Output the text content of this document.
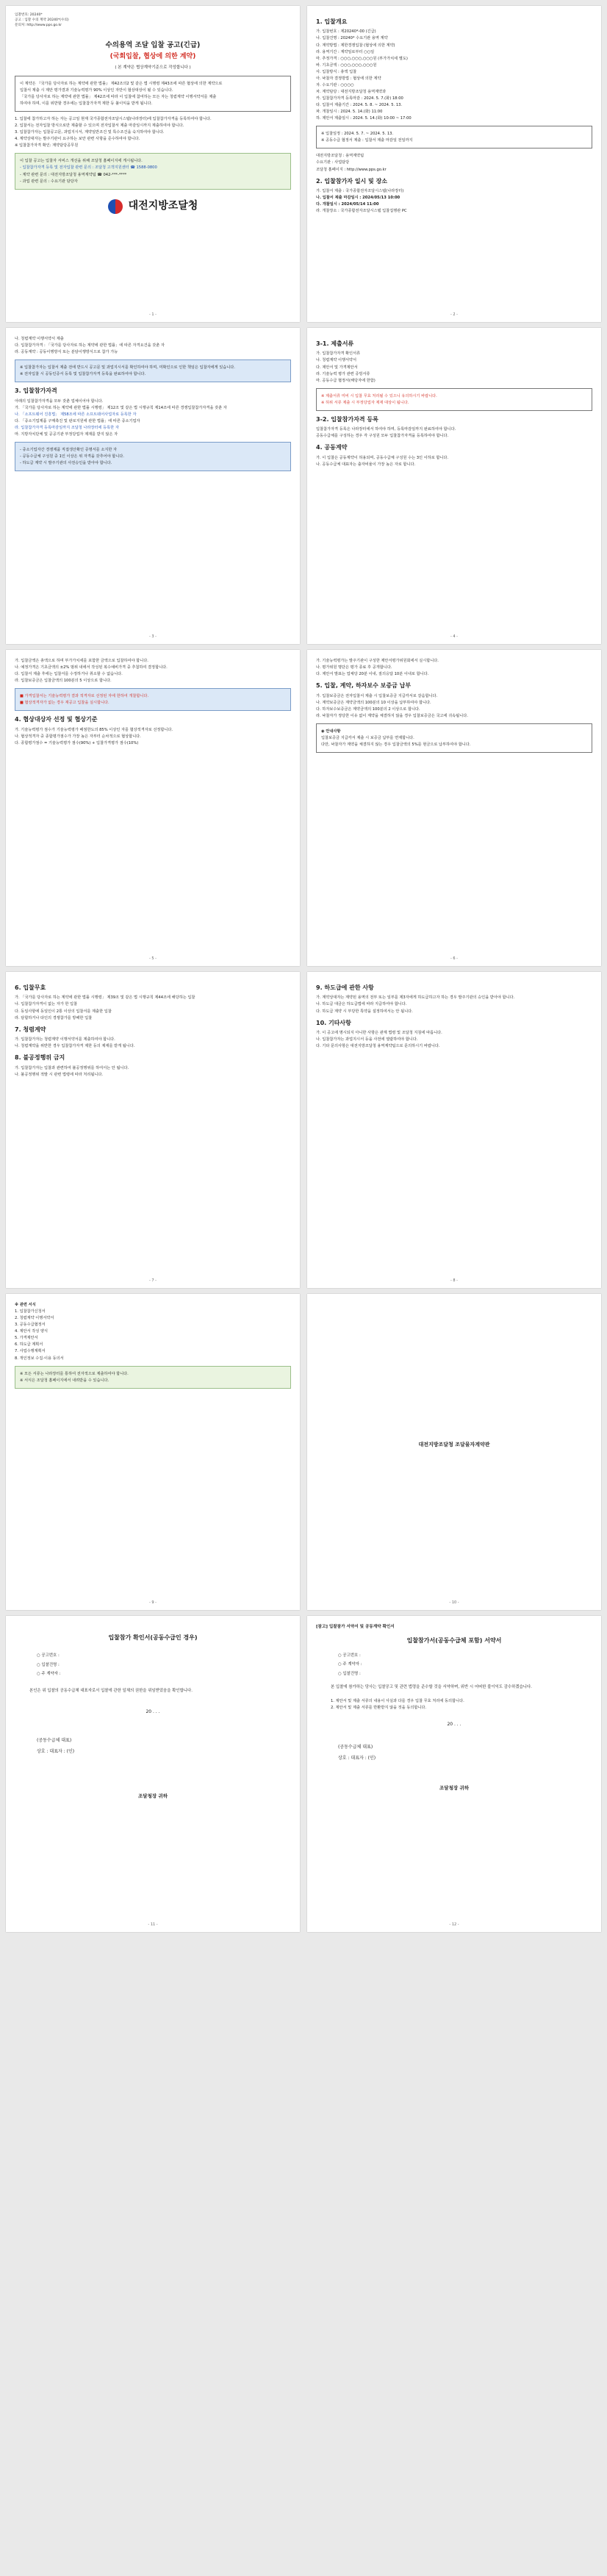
입찰번호: 20240*
공고 : 입찰 수의 계약 20240*(수의)
문의처: http://www.pps.go.kr
수의용역 조달 입찰 공고(긴급)
(국회입찰, 협상에 의한 계약)
( 본 계약은 협상계약기준으로 작성합니다 )
이 계약은 『국가를 당사자로 하는 계약에 관한 법률』 제42조의2 및 같은 법 시행령 제43조에 따른 협상에 의한 계약으로
입찰서 제출 시 제안 평가결과 기술능력평가 90% 이상인 자만이 협상대상이 될 수 있습니다.
「국가를 당사자로 하는 계약에 관한 법률」 제42조에 따라 이 입찰에 참여하는 모든 자는 청렴계약 이행서약서를 제출
하여야 하며, 이를 위반할 경우에는 입찰참가자격 제한 등 불이익을 받게 됩니다.
1. 입찰에 참가하고자 하는 자는 공고일 현재 국가종합전자조달시스템(나라장터)에 입찰참가자격을 등록하여야 합니다.
2. 입찰서는 전자입찰 방식으로만 제출할 수 있으며 전자입찰서 제출 마감일시까지 제출하여야 합니다.
3. 입찰참가자는 입찰공고문, 과업지시서, 계약일반조건 및 특수조건을 숙지하여야 합니다.
4. 계약상대자는 발주기관이 요구하는 보안 관련 사항을 준수하여야 합니다.
※ 입찰참가자격 확인: 계약담당공무원
이 입찰 공고는 입찰자 서비스 개선을 위해 조달청 홈페이지에 게시됩니다.
- 입찰참가자격 등록 및 전자입찰 관련 문의 : 조달청 고객지원센터 ☎ 1588-0800
- 계약 관련 문의 : 대전지방조달청 용역계약팀 ☎ 042-***-****
- 과업 관련 문의 : 수요기관 담당자
대전지방조달청
- 1 -
1. 입찰개요
가. 입찰번호 : 제20240*-00 (긴급)
나. 입찰건명 : 20240* 수요기관 용역 계약
다. 계약방법 : 제한경쟁입찰 (협상에 의한 계약)
라. 용역기간 : 계약일로부터 ○○일
마. 추정가격 : ○○○,○○○,○○○원 (부가가치세 별도)
바. 기초금액 : ○○○,○○○,○○○원
사. 입찰방식 : 총액 입찰
아. 낙찰자 결정방법 : 협상에 의한 계약
자. 수요기관 : ○○○○
차. 계약담당 : 대전지방조달청 용역계약과
카. 입찰참가자격 등록마감 : 2024. 5. 7.(화) 18:00
타. 입찰서 제출기간 : 2024. 5. 8. ~ 2024. 5. 13.
파. 개찰일시 : 2024. 5. 14.(화) 11:00
하. 제안서 제출일시 : 2024. 5. 14.(화) 10:00 ~ 17:00
※ 입찰일정 : 2024. 5. 7. ~ 2024. 5. 13.
※ 공동수급 협정서 제출 : 입찰서 제출 마감일 전일까지
대전지방조달청 : 용역계약팀
수요기관 : 사업담당
조달청 홈페이지 : http://www.pps.go.kr
2. 입찰참가자 일시 및 장소
가. 입찰서 제출 : 국가종합전자조달시스템(나라장터)
나. 입찰서 제출 마감일시 : 2024/05/13 10:00
다. 개찰일시 : 2024/05/14 11:00
라. 개찰장소 : 국가종합전자조달시스템 입찰집행관 PC
- 2 -
나. 청렴계약 이행서약서 제출
다. 입찰참가자격 : 「국가를 당사자로 하는 계약에 관한 법률」에 따른 자격요건을 갖춘 자
라. 공동계약 : 공동이행방식 또는 분담이행방식으로 참가 가능
※ 입찰참가자는 입찰서 제출 전에 반드시 공고문 및 과업지시서를 확인하여야 하며, 미확인으로 인한 책임은 입찰자에게 있습니다.
※ 전자입찰 시 공동인증서 등록 및 입찰참가자격 등록을 완료하여야 합니다.
3. 입찰참가자격
아래의 입찰참가자격을 모두 갖춘 업체이어야 합니다.
가. 「국가를 당사자로 하는 계약에 관한 법률 시행령」 제12조 및 같은 법 시행규칙 제14조에 따른 경쟁입찰참가자격을 갖춘 자
나. 「소프트웨어 진흥법」 제58조에 따른 소프트웨어사업자로 등록한 자
다. 「중소기업제품 구매촉진 및 판로지원에 관한 법률」에 따른 중소기업자
라. 입찰참가자격 등록마감일까지 조달청 나라장터에 등록한 자
마. 지방자치단체 및 공공기관 부정당업자 제재를 받지 않은 자
- 중소기업자간 경쟁제품 직접생산확인 증명서를 소지한 자
- 공동수급체 구성원 중 1인 이상은 위 자격을 갖추어야 합니다.
- 하도급 계약 시 발주기관의 사전승인을 받아야 합니다.
- 3 -
3-1. 제출서류
가. 입찰참가자격 확인서류
나. 청렴계약 이행서약서
다. 제안서 및 가격제안서
라. 기술능력 평가 관련 증빙서류
마. 공동수급 협정서(해당자에 한함)
※ 제출서류 미비 시 입찰 무효 처리될 수 있으니 유의하시기 바랍니다.
※ 허위 서류 제출 시 부정당업자 제재 대상이 됩니다.
3-2. 입찰참가자격 등록
입찰참가자격 등록은 나라장터에서 하여야 하며, 등록마감일까지 완료하여야 합니다.
공동수급체를 구성하는 경우 각 구성원 모두 입찰참가자격을 등록하여야 합니다.
4. 공동계약
가. 이 입찰은 공동계약이 허용되며, 공동수급체 구성원 수는 3인 이하로 합니다.
나. 공동수급체 대표자는 출자비율이 가장 높은 자로 합니다.
- 4 -
가. 입찰금액은 총액으로 하며 부가가치세를 포함한 금액으로 입찰하여야 합니다.
나. 예정가격은 기초금액의 ±2% 범위 내에서 작성된 복수예비가격 중 추첨하여 결정합니다.
다. 입찰서 제출 후에는 입찰서를 수정하거나 취소할 수 없습니다.
라. 입찰보증금은 입찰금액의 100분의 5 이상으로 합니다.
■ 가격입찰서는 기술능력평가 결과 적격자로 선정된 자에 한하여 개찰합니다.
■ 협상적격자가 없는 경우 재공고 입찰을 실시합니다.
4. 협상대상자 선정 및 협상기준
가. 기술능력평가 점수가 기술능력평가 배점한도의 85% 이상인 자를 협상적격자로 선정합니다.
나. 협상적격자 중 종합평가점수가 가장 높은 자부터 순차적으로 협상합니다.
다. 종합평가점수 = 기술능력평가 점수(90%) + 입찰가격평가 점수(10%)
- 5 -
가. 기술능력평가는 발주기관이 구성한 제안서평가위원회에서 실시합니다.
나. 평가위원 명단은 평가 종료 후 공개합니다.
다. 제안서 발표는 업체당 20분 이내, 질의응답 10분 이내로 합니다.
5. 입찰, 계약, 하자보수 보증금 납부
가. 입찰보증금은 전자입찰서 제출 시 입찰보증금 지급각서로 갈음합니다.
나. 계약보증금은 계약금액의 100분의 10 이상을 납부하여야 합니다.
다. 하자보수보증금은 계약금액의 100분의 2 이상으로 합니다.
라. 낙찰자가 정당한 이유 없이 계약을 체결하지 않을 경우 입찰보증금은 국고에 귀속됩니다.
◉ 안내사항
입찰보증금 지급각서 제출 시 보증금 납부를 면제합니다.
다만, 낙찰자가 계약을 체결하지 않는 경우 입찰금액의 5%를 현금으로 납부하여야 합니다.
- 6 -
6. 입찰무효
가. 「국가를 당사자로 하는 계약에 관한 법률 시행령」 제39조 및 같은 법 시행규칙 제44조에 해당하는 입찰
나. 입찰참가자격이 없는 자가 한 입찰
다. 동일사항에 동일인이 2통 이상의 입찰서를 제출한 입찰
라. 담합하거나 타인의 경쟁참가를 방해한 입찰
7. 청렴계약
가. 입찰참가자는 청렴계약 이행서약서를 제출하여야 합니다.
나. 청렴계약을 위반한 경우 입찰참가자격 제한 등의 제재를 받게 됩니다.
8. 불공정행위 금지
가. 입찰참가자는 입찰과 관련하여 불공정행위를 하여서는 안 됩니다.
나. 불공정행위 적발 시 관련 법령에 따라 처리됩니다.
- 7 -
9. 하도급에 관한 사항
가. 계약상대자는 계약된 용역의 전부 또는 일부를 제3자에게 하도급하고자 하는 경우 발주기관의 승인을 받아야 합니다.
나. 하도급 대금은 하도급법에 따라 지급하여야 합니다.
다. 하도급 계약 시 부당한 특약을 설정하여서는 안 됩니다.
10. 기타사항
가. 이 공고에 명시되지 아니한 사항은 관계 법령 및 조달청 지침에 따릅니다.
나. 입찰참가자는 과업지시서 등을 사전에 열람하여야 합니다.
다. 기타 문의사항은 대전지방조달청 용역계약팀으로 문의하시기 바랍니다.
- 8 -
※ 관련 서식
1. 입찰참가신청서
2. 청렴계약 이행서약서
3. 공동수급협정서
4. 제안서 작성 양식
5. 가격제안서
6. 하도급 계획서
7. 사업수행계획서
8. 개인정보 수집·이용 동의서
※ 모든 서류는 나라장터를 통하여 전자적으로 제출하여야 합니다.
※ 서식은 조달청 홈페이지에서 내려받을 수 있습니다.
- 9 -
대전지방조달청 조달물자계약관
- 10 -
입찰참가 확인서(공동수급인 경우)
○ 공고번호 :
○ 입찰건명 :
○ 주 계약자 :
본인은 위 입찰의 공동수급체 대표자로서 입찰에 관한 일체의 권한을 위임받았음을 확인합니다.
20 . . .
(공동수급체 대표)
상호 : 대표자 : (인)
조달청장 귀하
- 11 -
[참고] 입찰참가 서약서 및 공동계약 확인서
입찰참가서(공동수급체 포함) 서약서
○ 공고번호 :
○ 주 계약자 :
○ 입찰건명 :
본 입찰에 참가하는 당사는 입찰공고 및 관련 법령을 준수할 것을 서약하며, 위반 시 어떠한 불이익도 감수하겠습니다.
1. 제안서 및 제출 서류의 내용이 사실과 다를 경우 입찰 무효 처리에 동의합니다.
2. 제안서 및 제출 서류를 반환받지 않을 것을 동의합니다.
20 . . .
(공동수급체 대표)
상호 : 대표자 : (인)
조달청장 귀하
- 12 -
